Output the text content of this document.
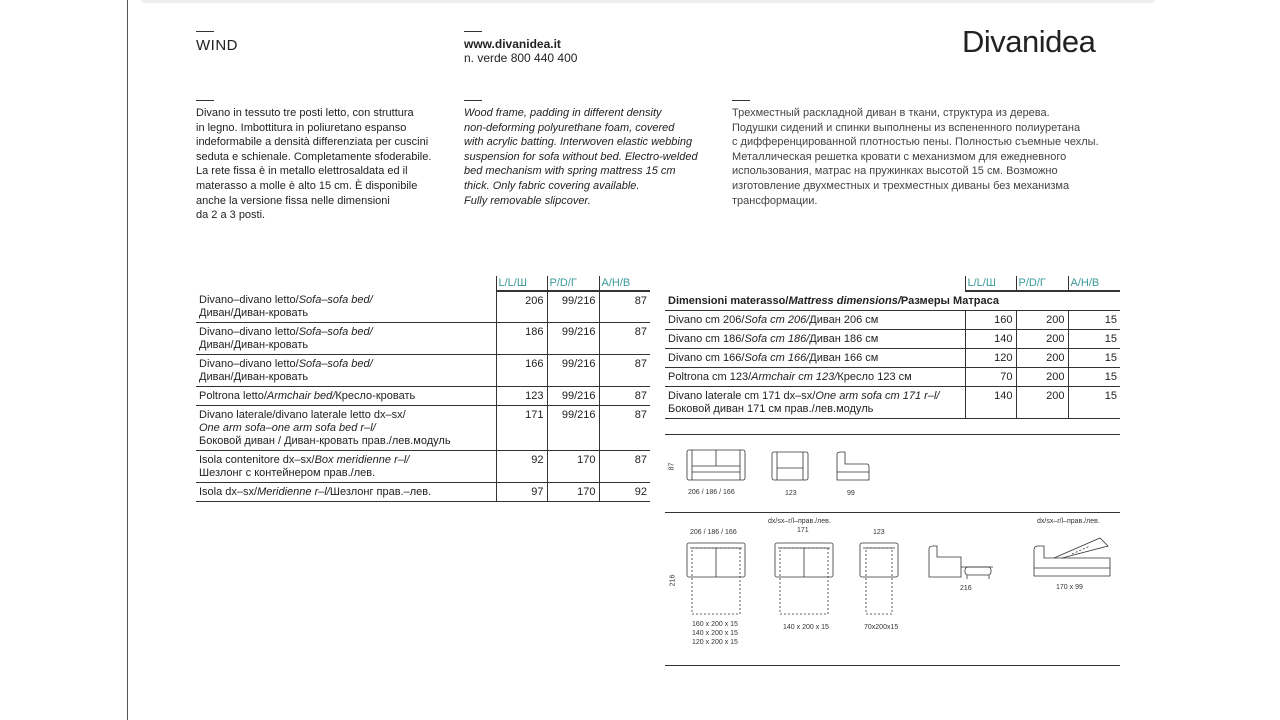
WIND	www.divanidea.it
n. verde 800 440 400	Divanidea
Divano in tessuto tre posti letto, con struttura
in legno. Imbottitura in poliuretano espanso
indeformabile a densità differenziata per cuscini
seduta e schienale. Completamente sfoderabile.
La rete fissa è in metallo elettrosaldata ed il
materasso a molle è alto 15 cm. È disponibile
anche la versione fissa nelle dimensioni
da 2 a 3 posti.
Wood frame, padding in different density
non-deforming polyurethane foam, covered
with acrylic batting. Interwoven elastic webbing
suspension for sofa without bed. Electro-welded
bed mechanism with spring mattress 15 cm
thick. Only fabric covering available.
Fully removable slipcover.
Трехместный раскладной диван в ткани, структура из дерева.
Подушки сидений и спинки выполнены из вспененного полиуретана
с дифференцированной плотностью пены. Полностью съемные чехлы.
Металлическая решетка кровати с механизмом для ежедневного
использования, матрас на пружинках высотой 15 см. Возможно
изготовление двухместных и трехместных диваны без механизма
трансформации.
	L/L/Ш	P/D/Г	A/H/B

Divano–divano letto/Sofa–sofa bed/
Диван/Диван-кровать	206	99/216	87

Divano–divano letto/Sofa–sofa bed/
Диван/Диван-кровать	186	99/216	87

Divano–divano letto/Sofa–sofa bed/
Диван/Диван-кровать	166	99/216	87

Poltrona letto/Armchair bed/Кресло-кровать	123	99/216	87

Divano laterale/divano laterale letto dx–sx/
One arm sofa–one arm sofa bed r–l/
Боковой диван / Диван-кровать прав./лев.модуль	171	99/216	87

Isola contenitore dx–sx/Box meridienne r–l/
Шезлонг с контейнером прав./лев.	92	170	87

Isola dx–sx/Meridienne r–l/Шезлонг прав.–лев.	97	170	92
	L/L/Ш	P/D/Г	A/H/B
Dimensioni materasso/Mattress dimensions/Размеры Матраса			

Divano cm 206/Sofa cm 206/Диван 206 см	160	200	15

Divano cm 186/Sofa cm 186/Диван 186 см	140	200	15

Divano cm 166/Sofa cm 166/Диван 166 см	120	200	15

Poltrona cm 123/Armchair cm 123/Кресло 123 см	70	200	15

Divano laterale cm 171 dx–sx/One arm sofa cm 171 r–l/
Боковой диван 171 см прав./лев.модуль	140	200	15
87
206 / 186 / 166	123	99
206 / 186 / 166
216
160 x 200 x 15
140 x 200 x 15
120 x 200 x 15
dx/sx–r/l–прав./лев.
171
140 x 200 x 15
123
70x200x15
216
dx/sx–r/l–прав./лев.
170 x 99
